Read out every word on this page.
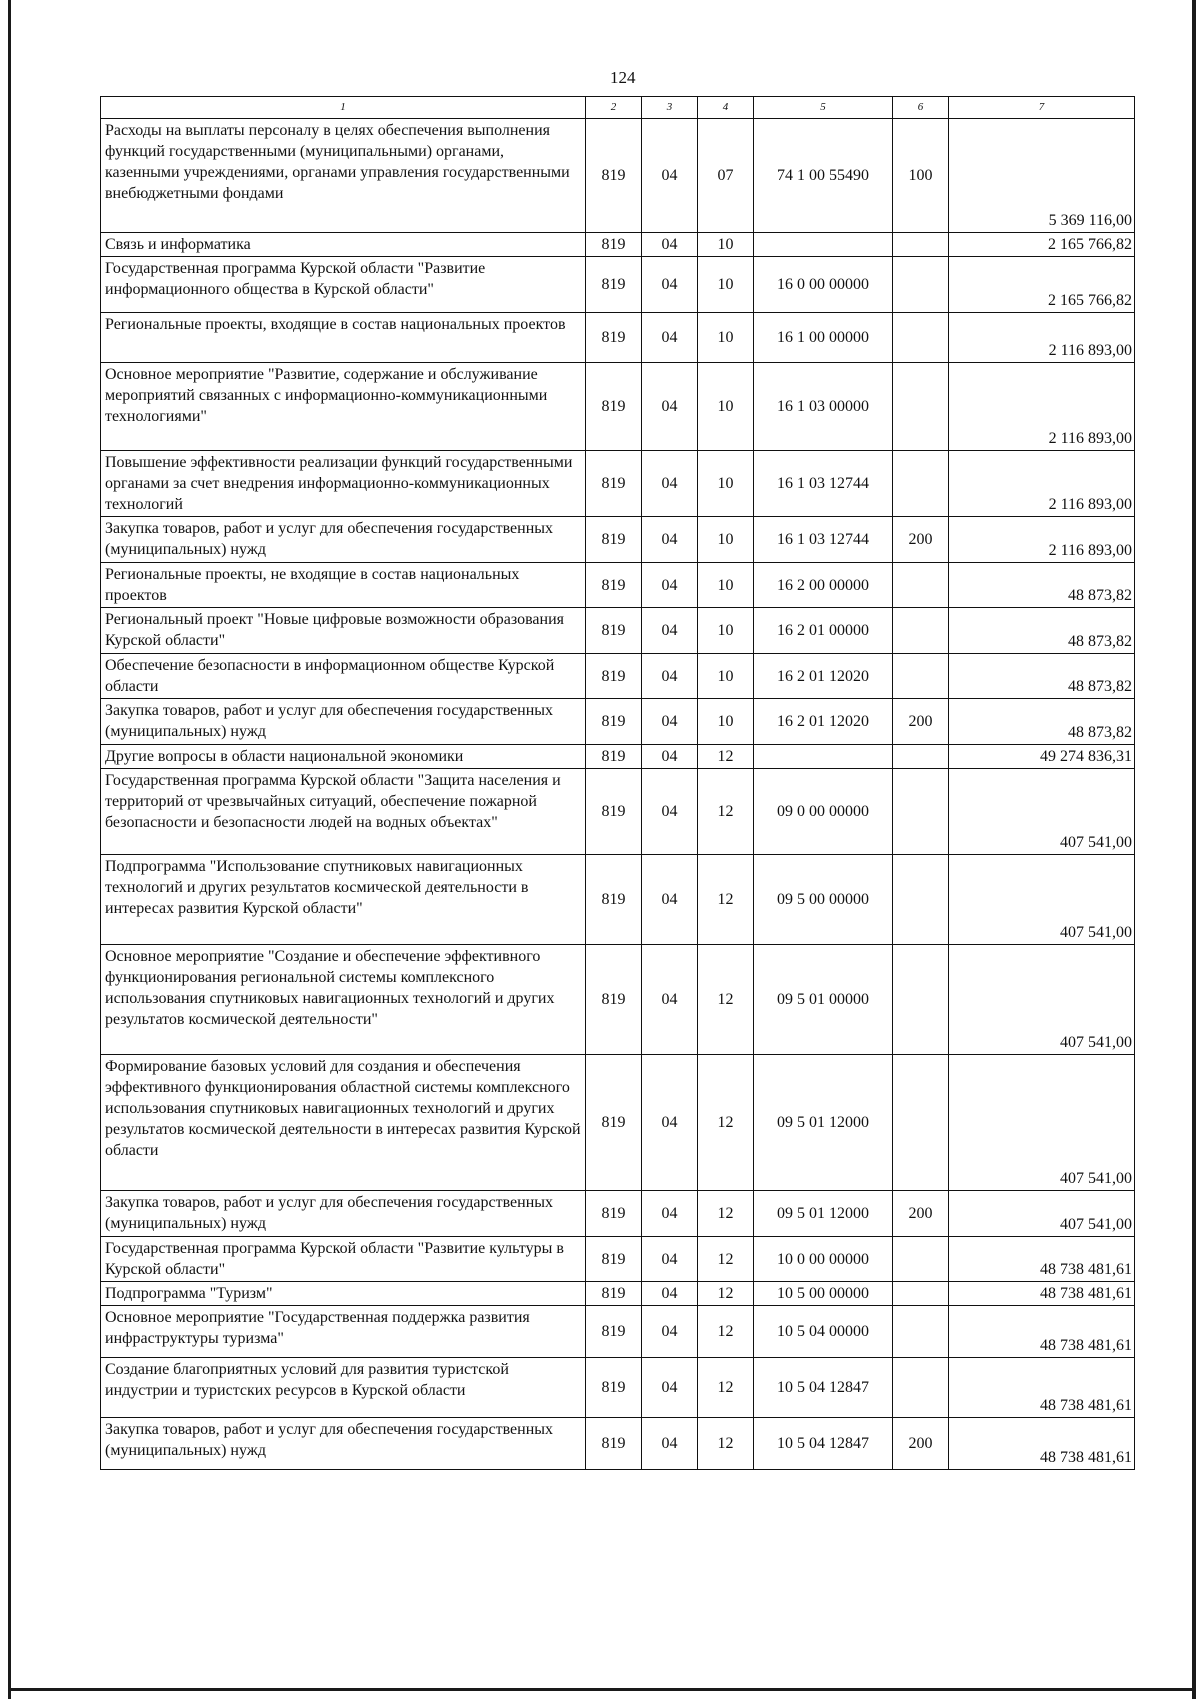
124
1	2	3	4	5	6	7
Расходы на выплаты персоналу в целях обеспечения выполнения функций государственными (муниципальными) органами, казенными учреждениями, органами управления государственными внебюджетными фондами	819	04	07	74 1 00 55490	100	5 369 116,00
Связь и информатика	819	04	10			2 165 766,82
Государственная программа Курской области "Развитие информационного общества в Курской области"	819	04	10	16 0 00 00000		2 165 766,82
Региональные проекты, входящие в состав национальных проектов	819	04	10	16 1 00 00000		2 116 893,00
Основное мероприятие "Развитие, содержание и обслуживание мероприятий связанных с информационно-коммуникационными технологиями"	819	04	10	16 1 03 00000		2 116 893,00
Повышение эффективности реализации функций государственными органами за счет внедрения информационно-коммуникационных технологий	819	04	10	16 1 03 12744		2 116 893,00
Закупка товаров, работ и услуг для обеспечения государственных (муниципальных) нужд	819	04	10	16 1 03 12744	200	2 116 893,00
Региональные проекты, не входящие в состав национальных проектов	819	04	10	16 2 00 00000		48 873,82
Региональный проект "Новые цифровые возможности образования Курской области"	819	04	10	16 2 01 00000		48 873,82
Обеспечение безопасности в информационном обществе Курской области	819	04	10	16 2 01 12020		48 873,82
Закупка товаров, работ и услуг для обеспечения государственных (муниципальных) нужд	819	04	10	16 2 01 12020	200	48 873,82
Другие вопросы в области национальной экономики	819	04	12			49 274 836,31
Государственная программа Курской области "Защита населения и территорий от чрезвычайных ситуаций, обеспечение пожарной безопасности и безопасности людей на водных объектах"	819	04	12	09 0 00 00000		407 541,00
Подпрограмма "Использование спутниковых навигационных технологий и других результатов космической деятельности в интересах развития Курской области"	819	04	12	09 5 00 00000		407 541,00
Основное мероприятие "Создание и обеспечение эффективного функционирования региональной системы комплексного использования спутниковых навигационных технологий и других результатов космической деятельности"	819	04	12	09 5 01 00000		407 541,00
Формирование базовых условий для создания и обеспечения эффективного функционирования областной системы комплексного использования спутниковых навигационных технологий и других результатов космической деятельности в интересах развития Курской области	819	04	12	09 5 01 12000		407 541,00
Закупка товаров, работ и услуг для обеспечения государственных (муниципальных) нужд	819	04	12	09 5 01 12000	200	407 541,00
Государственная программа Курской области "Развитие культуры в Курской области"	819	04	12	10 0 00 00000		48 738 481,61
Подпрограмма "Туризм"	819	04	12	10 5 00 00000		48 738 481,61
Основное мероприятие "Государственная поддержка развития инфраструктуры туризма"	819	04	12	10 5 04 00000		48 738 481,61
Создание благоприятных условий для развития туристской индустрии и туристских ресурсов в Курской области	819	04	12	10 5 04 12847		48 738 481,61
Закупка товаров, работ и услуг для обеспечения государственных (муниципальных) нужд	819	04	12	10 5 04 12847	200	48 738 481,61
